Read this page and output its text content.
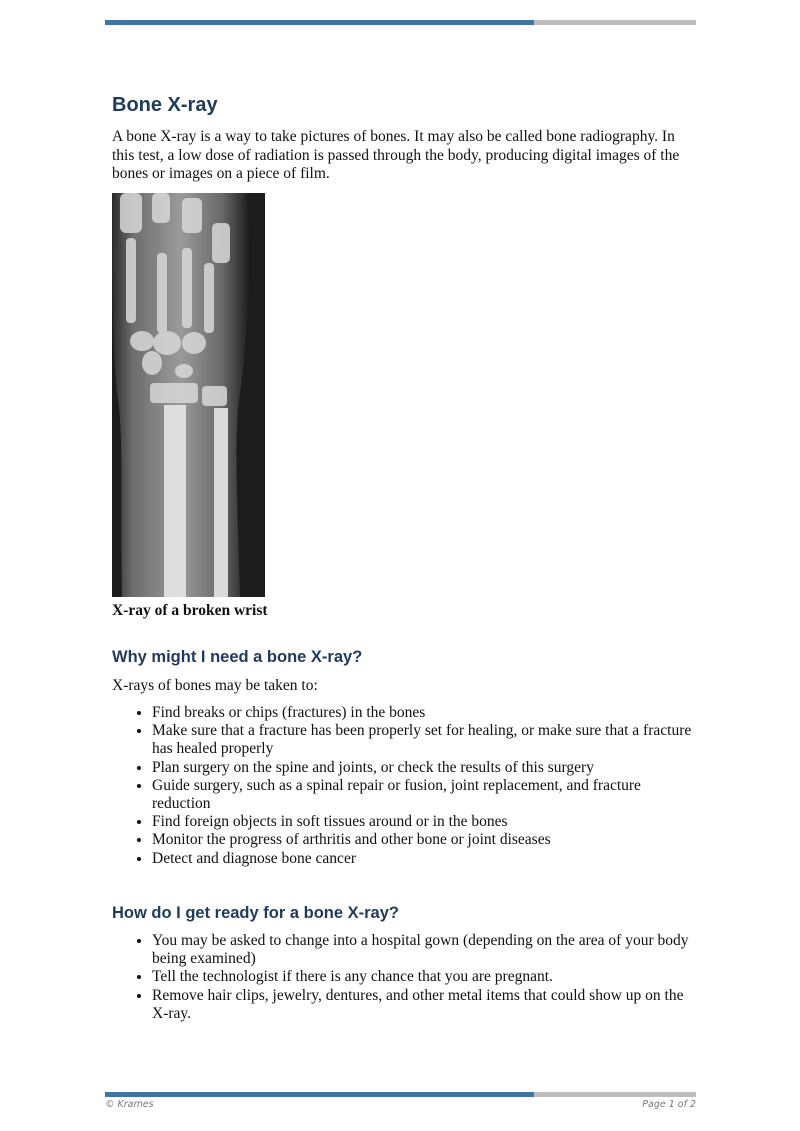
Bone X-ray

A bone X-ray is a way to take pictures of bones. It may also be called bone radiography. In this test, a low dose of radiation is passed through the body, producing digital images of the bones or images on a piece of film.

X-ray of a broken wrist

Why might I need a bone X-ray?

X-rays of bones may be taken to:

• Find breaks or chips (fractures) in the bones
• Make sure that a fracture has been properly set for healing, or make sure that a fracture has healed properly
• Plan surgery on the spine and joints, or check the results of this surgery
• Guide surgery, such as a spinal repair or fusion, joint replacement, and fracture reduction
• Find foreign objects in soft tissues around or in the bones
• Monitor the progress of arthritis and other bone or joint diseases
• Detect and diagnose bone cancer
How do I get ready for a bone X-ray?
• You may be asked to change into a hospital gown (depending on the area of your body being examined)
• Tell the technologist if there is any chance that you are pregnant.
• Remove hair clips, jewelry, dentures, and other metal items that could show up on the X-ray.
© Krames	Page 1 of 2
